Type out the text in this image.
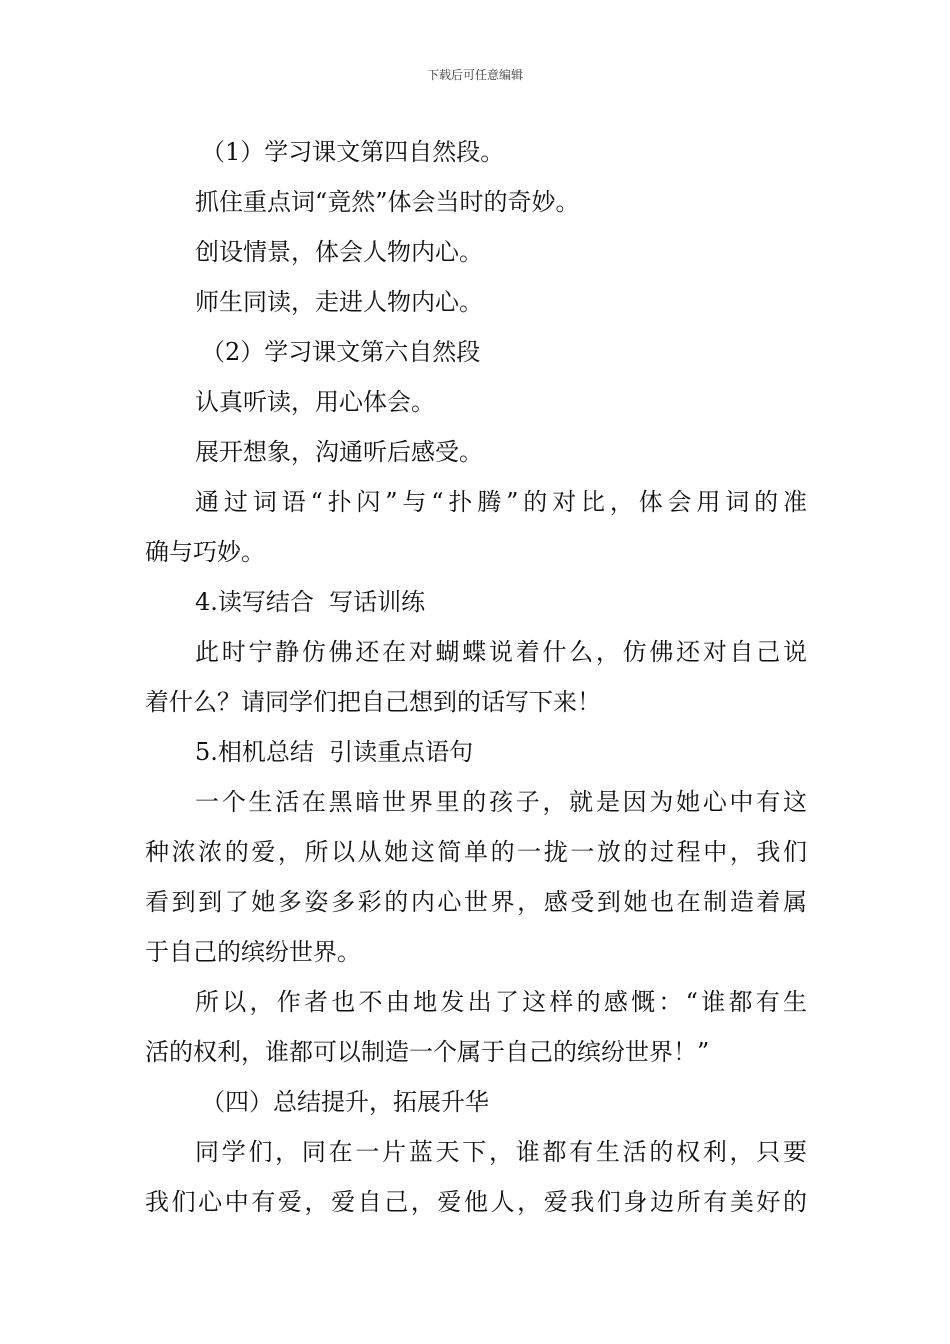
下载后可任意编辑
（1）学习课文第四自然段。
抓住重点词“竟然”体会当时的奇妙。
创设情景，体会人物内心。
师生同读，走进人物内心。
（2）学习课文第六自然段
认真听读，用心体会。
展开想象，沟通听后感受。
通过词语“扑闪”与“扑腾”的对比，体会用词的准
确与巧妙。
4.读写结合  写话训练
此时宁静仿佛还在对蝴蝶说着什么，仿佛还对自己说
着什么？请同学们把自己想到的话写下来！
5.相机总结  引读重点语句
一个生活在黑暗世界里的孩子，就是因为她心中有这
种浓浓的爱，所以从她这简单的一拢一放的过程中，我们
看到到了她多姿多彩的内心世界，感受到她也在制造着属
于自己的缤纷世界。
所以，作者也不由地发出了这样的感慨：“谁都有生
活的权利，谁都可以制造一个属于自己的缤纷世界！”
（四）总结提升，拓展升华
同学们，同在一片蓝天下，谁都有生活的权利，只要
我们心中有爱，爱自己，爱他人，爱我们身边所有美好的
